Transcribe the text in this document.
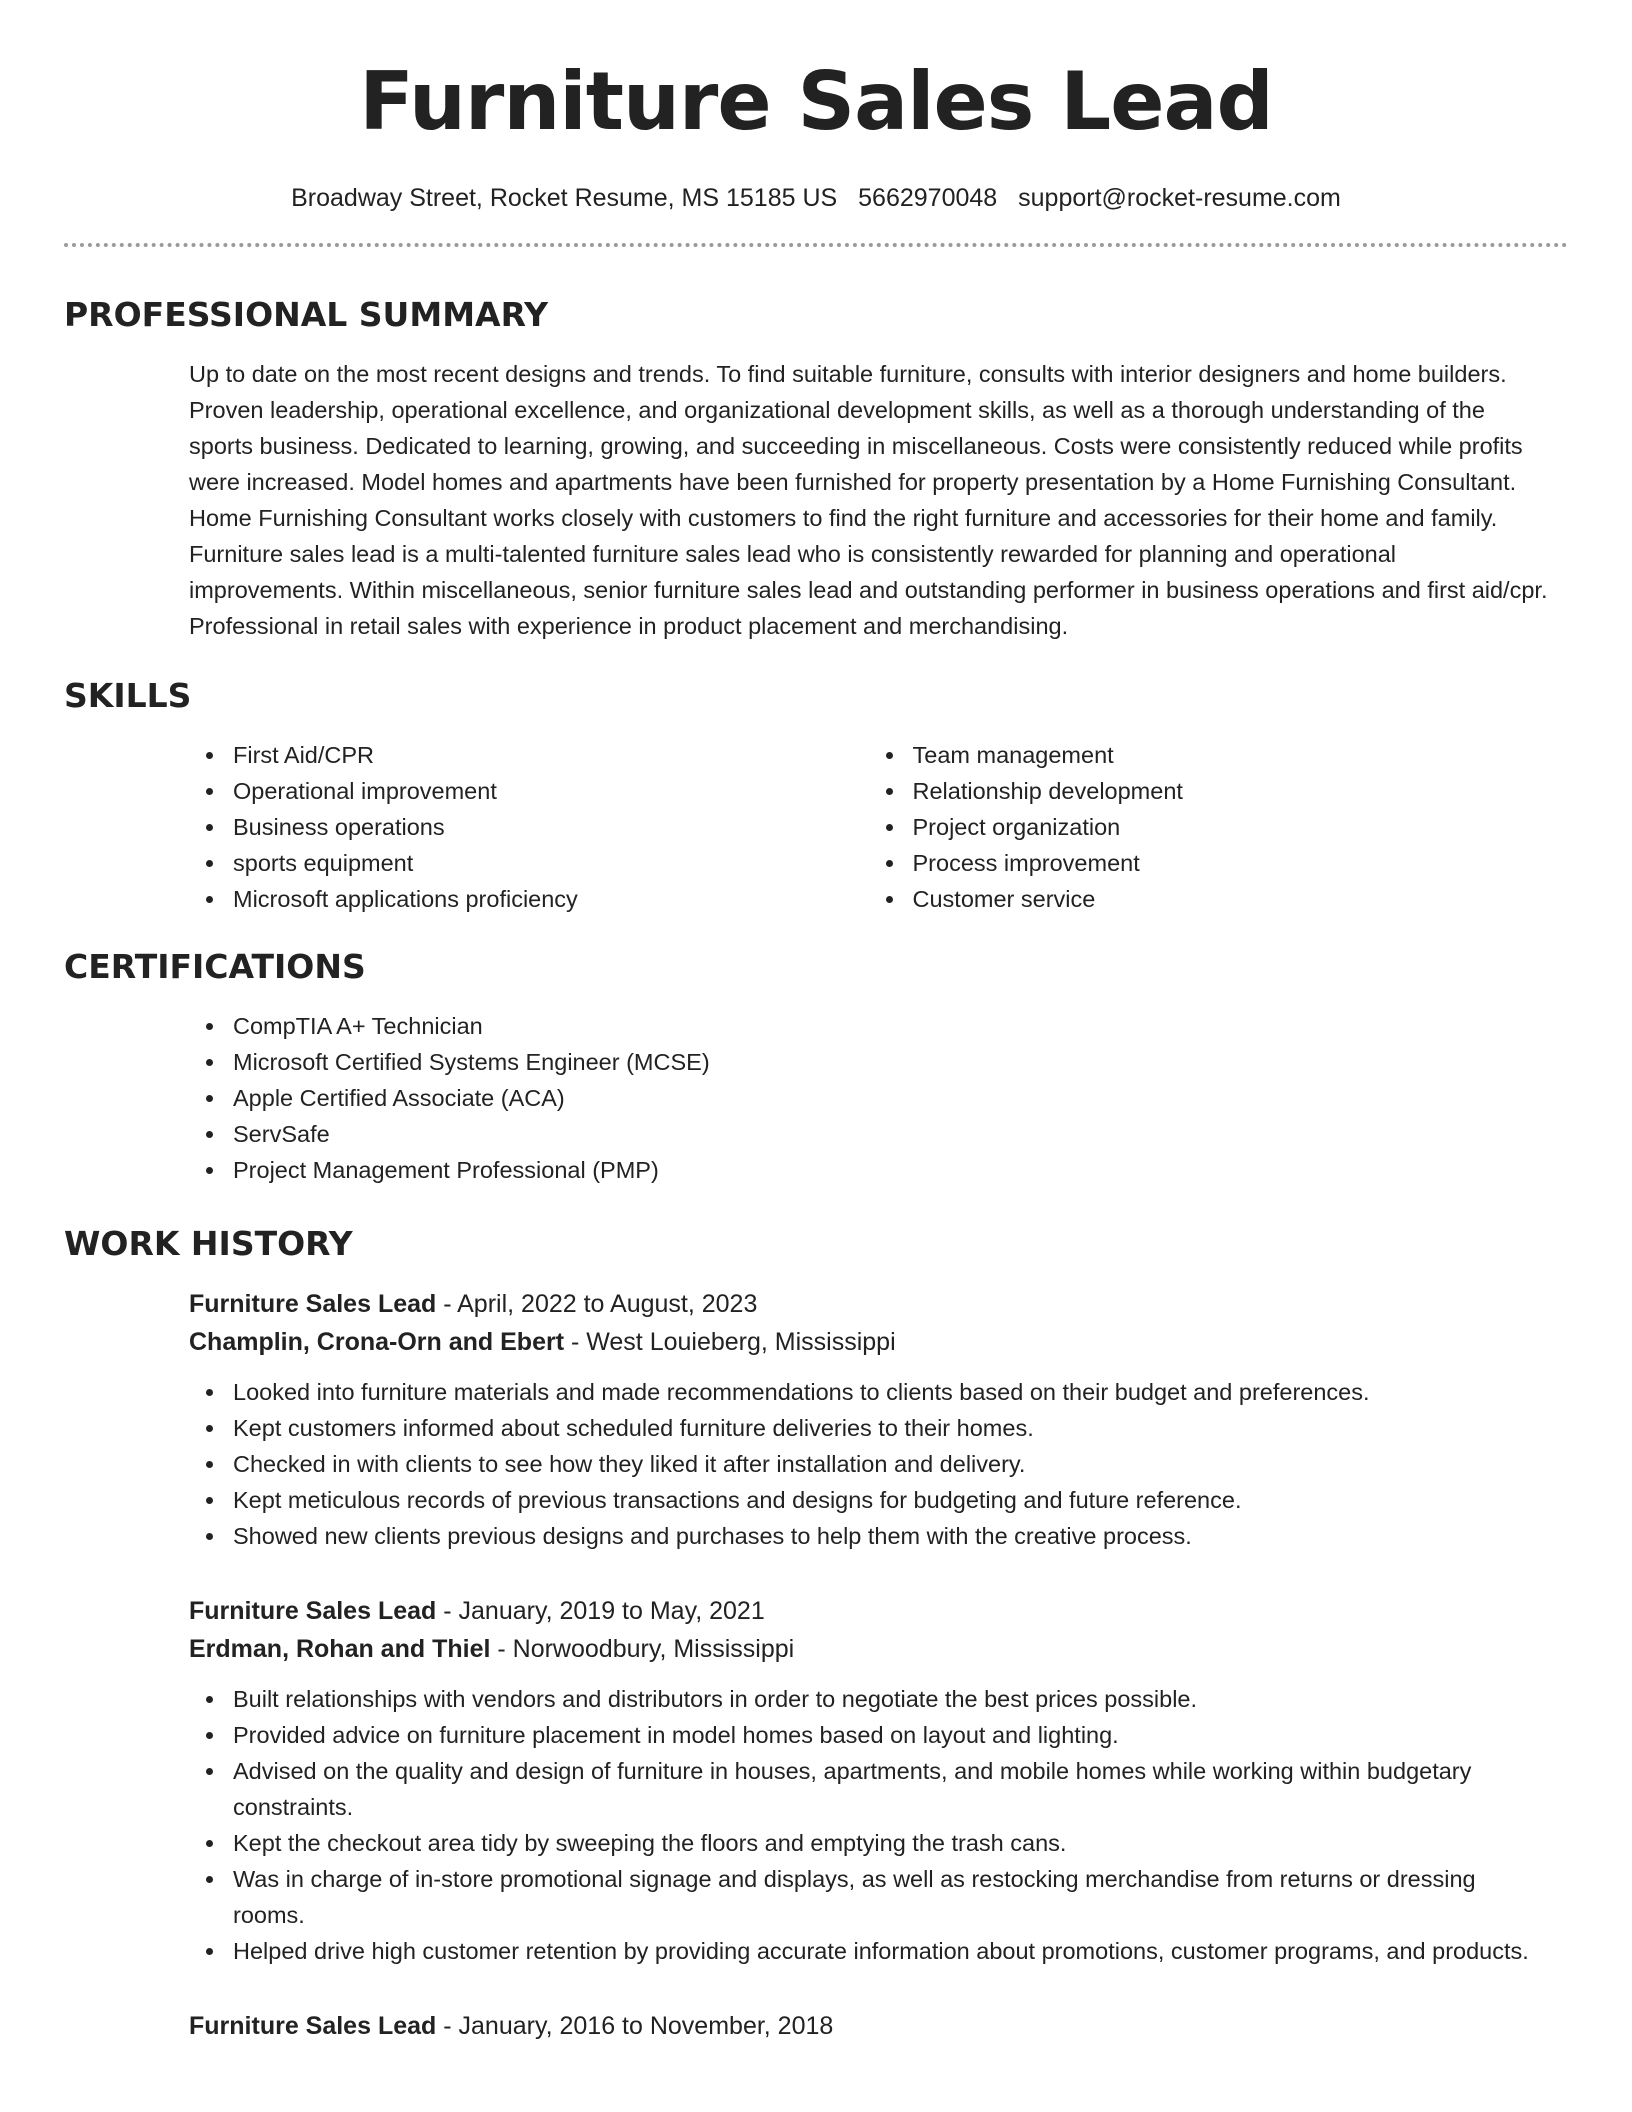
Furniture Sales Lead
Broadway Street, Rocket Resume, MS 15185 US 5662970048 support@rocket-resume.com
PROFESSIONAL SUMMARY

Up to date on the most recent designs and trends. To find suitable furniture, consults with interior designers and home builders. Proven leadership, operational excellence, and organizational development skills, as well as a thorough understanding of the sports business. Dedicated to learning, growing, and succeeding in miscellaneous. Costs were consistently reduced while profits were increased. Model homes and apartments have been furnished for property presentation by a Home Furnishing Consultant. Home Furnishing Consultant works closely with customers to find the right furniture and accessories for their home and family. Furniture sales lead is a multi-talented furniture sales lead who is consistently rewarded for planning and operational improvements. Within miscellaneous, senior furniture sales lead and outstanding performer in business operations and first aid/cpr. Professional in retail sales with experience in product placement and merchandising.

SKILLS
First Aid/CPR
Operational improvement
Business operations
sports equipment
Microsoft applications proficiency
Team management
Relationship development
Project organization
Process improvement
Customer service
CERTIFICATIONS
CompTIA A+ Technician
Microsoft Certified Systems Engineer (MCSE)
Apple Certified Associate (ACA)
ServSafe
Project Management Professional (PMP)
WORK HISTORY
Furniture Sales Lead - April, 2022 to August, 2023
Champlin, Crona-Orn and Ebert - West Louieberg, Mississippi
Looked into furniture materials and made recommendations to clients based on their budget and preferences.
Kept customers informed about scheduled furniture deliveries to their homes.
Checked in with clients to see how they liked it after installation and delivery.
Kept meticulous records of previous transactions and designs for budgeting and future reference.
Showed new clients previous designs and purchases to help them with the creative process.
Furniture Sales Lead - January, 2019 to May, 2021
Erdman, Rohan and Thiel - Norwoodbury, Mississippi
Built relationships with vendors and distributors in order to negotiate the best prices possible.
Provided advice on furniture placement in model homes based on layout and lighting.
Advised on the quality and design of furniture in houses, apartments, and mobile homes while working within budgetary constraints.
Kept the checkout area tidy by sweeping the floors and emptying the trash cans.
Was in charge of in-store promotional signage and displays, as well as restocking merchandise from returns or dressing rooms.
Helped drive high customer retention by providing accurate information about promotions, customer programs, and products.
Furniture Sales Lead - January, 2016 to November, 2018
